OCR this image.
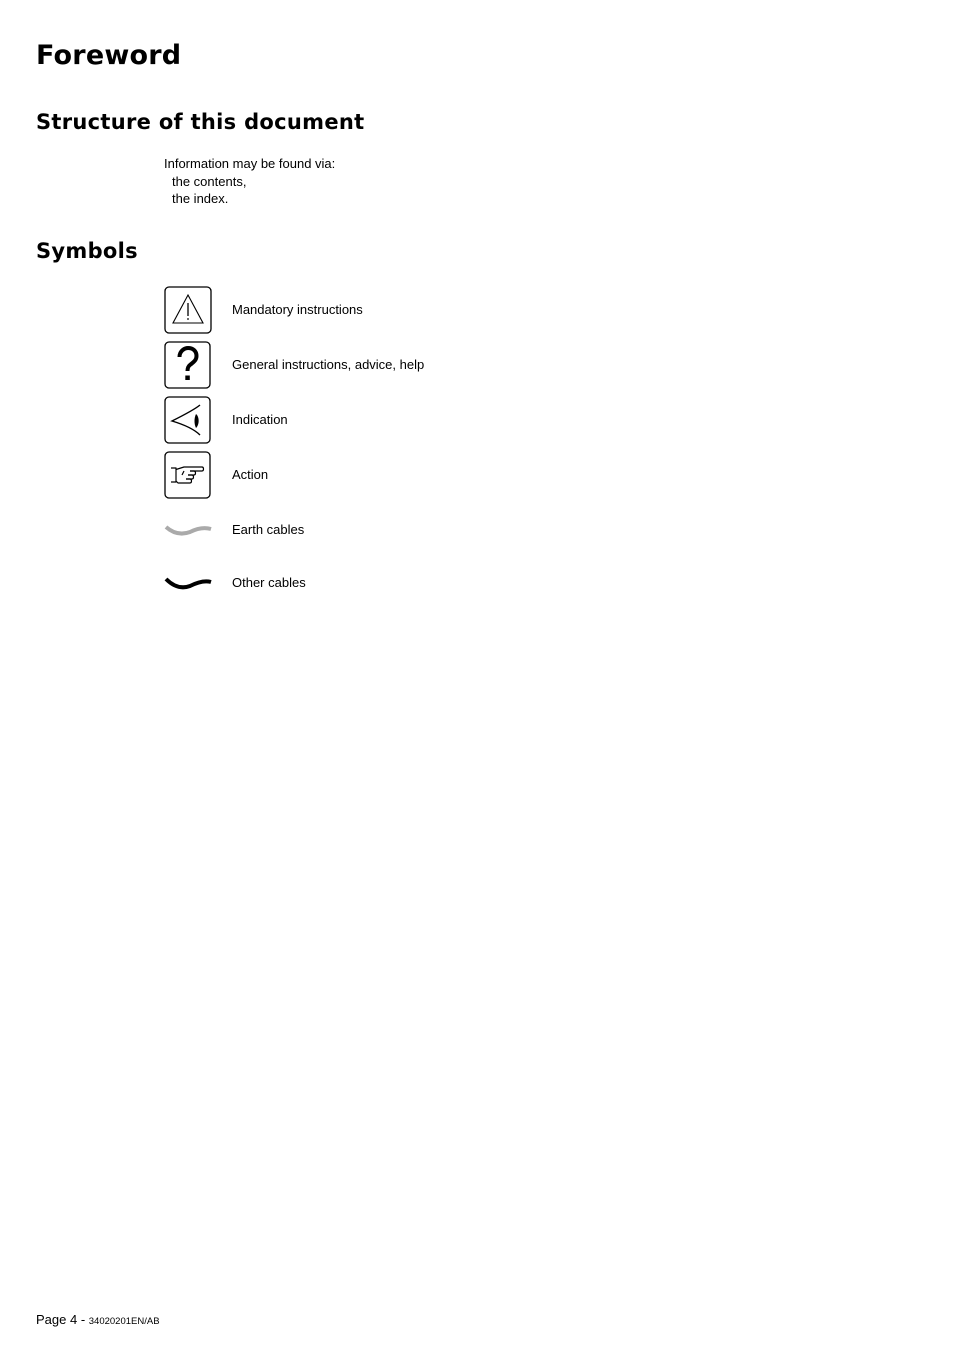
Foreword
Structure of this document
Information may be found via:
the contents,
the index.
Symbols
Mandatory instructions
General instructions, advice, help
Indication
Action
Earth cables
Other cables
Page 4 - 34020201EN/AB
